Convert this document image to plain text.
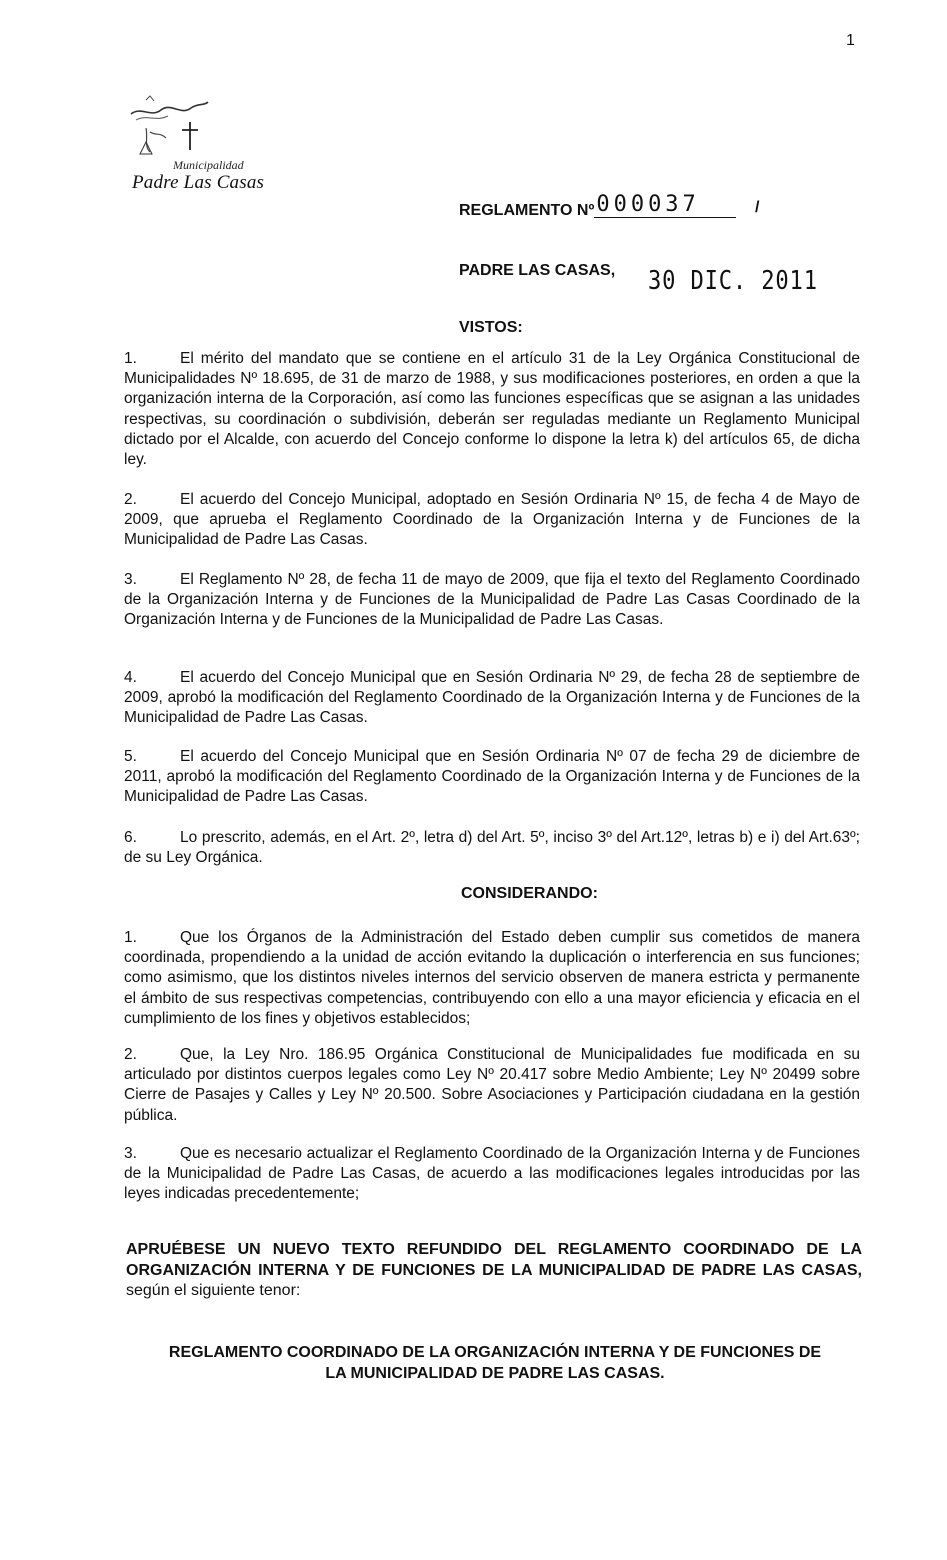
1
Municipalidad
Padre Las Casas
REGLAMENTO Nº000037	/
PADRE LAS CASAS, 30 DIC. 2011
VISTOS:

1.	El mérito del mandato que se contiene en el artículo 31 de la Ley Orgánica Constitucional de Municipalidades Nº 18.695, de 31 de marzo de 1988, y sus modificaciones posteriores, en orden a que la organización interna de la Corporación, así como las funciones específicas que se asignan a las unidades respectivas, su coordinación o subdivisión, deberán ser reguladas mediante un Reglamento Municipal dictado por el Alcalde, con acuerdo del Concejo conforme lo dispone la letra k) del artículos 65, de dicha ley.

2.	El acuerdo del Concejo Municipal, adoptado en Sesión Ordinaria Nº 15, de fecha 4 de Mayo de 2009, que aprueba el Reglamento Coordinado de la Organización Interna y de Funciones de la Municipalidad de Padre Las Casas.

3.	El Reglamento Nº 28, de fecha 11 de mayo de 2009, que fija el texto del Reglamento Coordinado de la Organización Interna y de Funciones de la Municipalidad de Padre Las Casas Coordinado de la Organización Interna y de Funciones de la Municipalidad de Padre Las Casas.

4.	El acuerdo del Concejo Municipal que en Sesión Ordinaria Nº 29, de fecha 28 de septiembre de 2009, aprobó la modificación del Reglamento Coordinado de la Organización Interna y de Funciones de la Municipalidad de Padre Las Casas.

5.	El acuerdo del Concejo Municipal que en Sesión Ordinaria Nº 07 de fecha 29 de diciembre de 2011, aprobó la modificación del Reglamento Coordinado de la Organización Interna y de Funciones de la Municipalidad de Padre Las Casas.

6.	Lo prescrito, además, en el Art. 2º, letra d) del Art. 5º, inciso 3º del Art.12º, letras b) e i) del Art.63º; de su Ley Orgánica.

CONSIDERANDO:

1.	Que los Órganos de la Administración del Estado deben cumplir sus cometidos de manera coordinada, propendiendo a la unidad de acción evitando la duplicación o interferencia en sus funciones; como asimismo, que los distintos niveles internos del servicio observen de manera estricta y permanente el ámbito de sus respectivas competencias, contribuyendo con ello a una mayor eficiencia y eficacia en el cumplimiento de los fines y objetivos establecidos;

2.	Que, la Ley Nro. 186.95 Orgánica Constitucional de Municipalidades fue modificada en su articulado por distintos cuerpos legales como Ley Nº 20.417 sobre Medio Ambiente; Ley Nº 20499 sobre Cierre de Pasajes y Calles y Ley Nº 20.500. Sobre Asociaciones y Participación ciudadana en la gestión pública.

3.	Que es necesario actualizar el Reglamento Coordinado de la Organización Interna y de Funciones de la Municipalidad de Padre Las Casas, de acuerdo a las modificaciones legales introducidas por las leyes indicadas precedentemente;

APRUÉBESE UN NUEVO TEXTO REFUNDIDO DEL REGLAMENTO COORDINADO DE LA ORGANIZACIÓN INTERNA Y DE FUNCIONES DE LA MUNICIPALIDAD DE PADRE LAS CASAS, según el siguiente tenor:

REGLAMENTO COORDINADO DE LA ORGANIZACIÓN INTERNA Y DE FUNCIONES DE
LA MUNICIPALIDAD DE PADRE LAS CASAS.
